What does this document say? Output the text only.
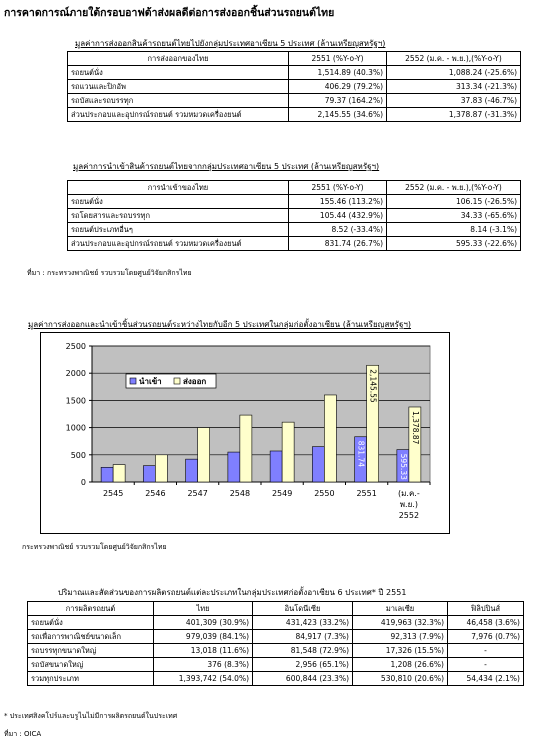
การคาดการณ์ภายใต้กรอบอาฟต้าส่งผลดีต่อการส่งออกชิ้นส่วนรถยนต์ไทย
มูลค่าการส่งออกสินค้ารถยนต์ไทยไปยังกลุ่มประเทศอาเซียน 5 ประเทศ (ล้านเหรียญสหรัฐฯ)
การส่งออกของไทย	2551 (%Y-o-Y)	2552 (ม.ค. - พ.ย.),(%Y-o-Y)
รถยนต์นั่ง	1,514.89 (40.3%)	1,088.24 (-25.6%)
รถแวนและปิกอัพ	406.29 (79.2%)	313.34 (-21.3%)
รถบัสและรถบรรทุก	79.37 (164.2%)	37.83 (-46.7%)
ส่วนประกอบและอุปกรณ์รถยนต์ รวมหมวดเครื่องยนต์	2,145.55 (34.6%)	1,378.87 (-31.3%)
มูลค่าการนำเข้าสินค้ารถยนต์ไทยจากกลุ่มประเทศอาเซียน 5 ประเทศ (ล้านเหรียญสหรัฐฯ)
การนำเข้าของไทย	2551 (%Y-o-Y)	2552 (ม.ค. - พ.ย.),(%Y-o-Y)
รถยนต์นั่ง	155.46 (113.2%)	106.15 (-26.5%)
รถโดยสารและรถบรรทุก	105.44 (432.9%)	34.33 (-65.6%)
รถยนต์ประเภทอื่นๆ	8.52 (-33.4%)	8.14 (-3.1%)
ส่วนประกอบและอุปกรณ์รถยนต์ รวมหมวดเครื่องยนต์	831.74 (26.7%)	595.33 (-22.6%)
ที่มา : กระทรวงพาณิชย์ รวบรวมโดยศูนย์วิจัยกสิกรไทย
มูลค่าการส่งออกและนำเข้าชิ้นส่วนรถยนต์ระหว่างไทยกับอีก 5 ประเทศในกลุ่มก่อตั้งอาเซียน (ล้านเหรียญสหรัฐฯ)
0
500
1000
1500
2000
2500
2545	2546	2547	2548	2549	2550	2551	(ม.ค.-
พ.ย.)
2552
831.74
2,145.55
595.33
1,378.87
นำเข้า	ส่งออก
กระทรวงพาณิชย์ รวบรวมโดยศูนย์วิจัยกสิกรไทย
ปริมาณและสัดส่วนของการผลิตรถยนต์แต่ละประเภทในกลุ่มประเทศก่อตั้งอาเซียน 6 ประเทศ* ปี 2551
การผลิตรถยนต์	ไทย	อินโดนีเซีย	มาเลเซีย	ฟิลิปปินส์
รถยนต์นั่ง	401,309 (30.9%)	431,423 (33.2%)	419,963 (32.3%)	46,458 (3.6%)
รถเพื่อการพาณิชย์ขนาดเล็ก	979,039 (84.1%)	84,917 (7.3%)	92,313 (7.9%)	7,976 (0.7%)
รถบรรทุกขนาดใหญ่	13,018 (11.6%)	81,548 (72.9%)	17,326 (15.5%)	-
รถบัสขนาดใหญ่	376 (8.3%)	2,956 (65.1%)	1,208 (26.6%)	-
รวมทุกประเภท	1,393,742 (54.0%)	600,844 (23.3%)	530,810 (20.6%)	54,434 (2.1%)
* ประเทศสิงคโปร์และบรูไนไม่มีการผลิตรถยนต์ในประเทศ
ที่มา : OICA
